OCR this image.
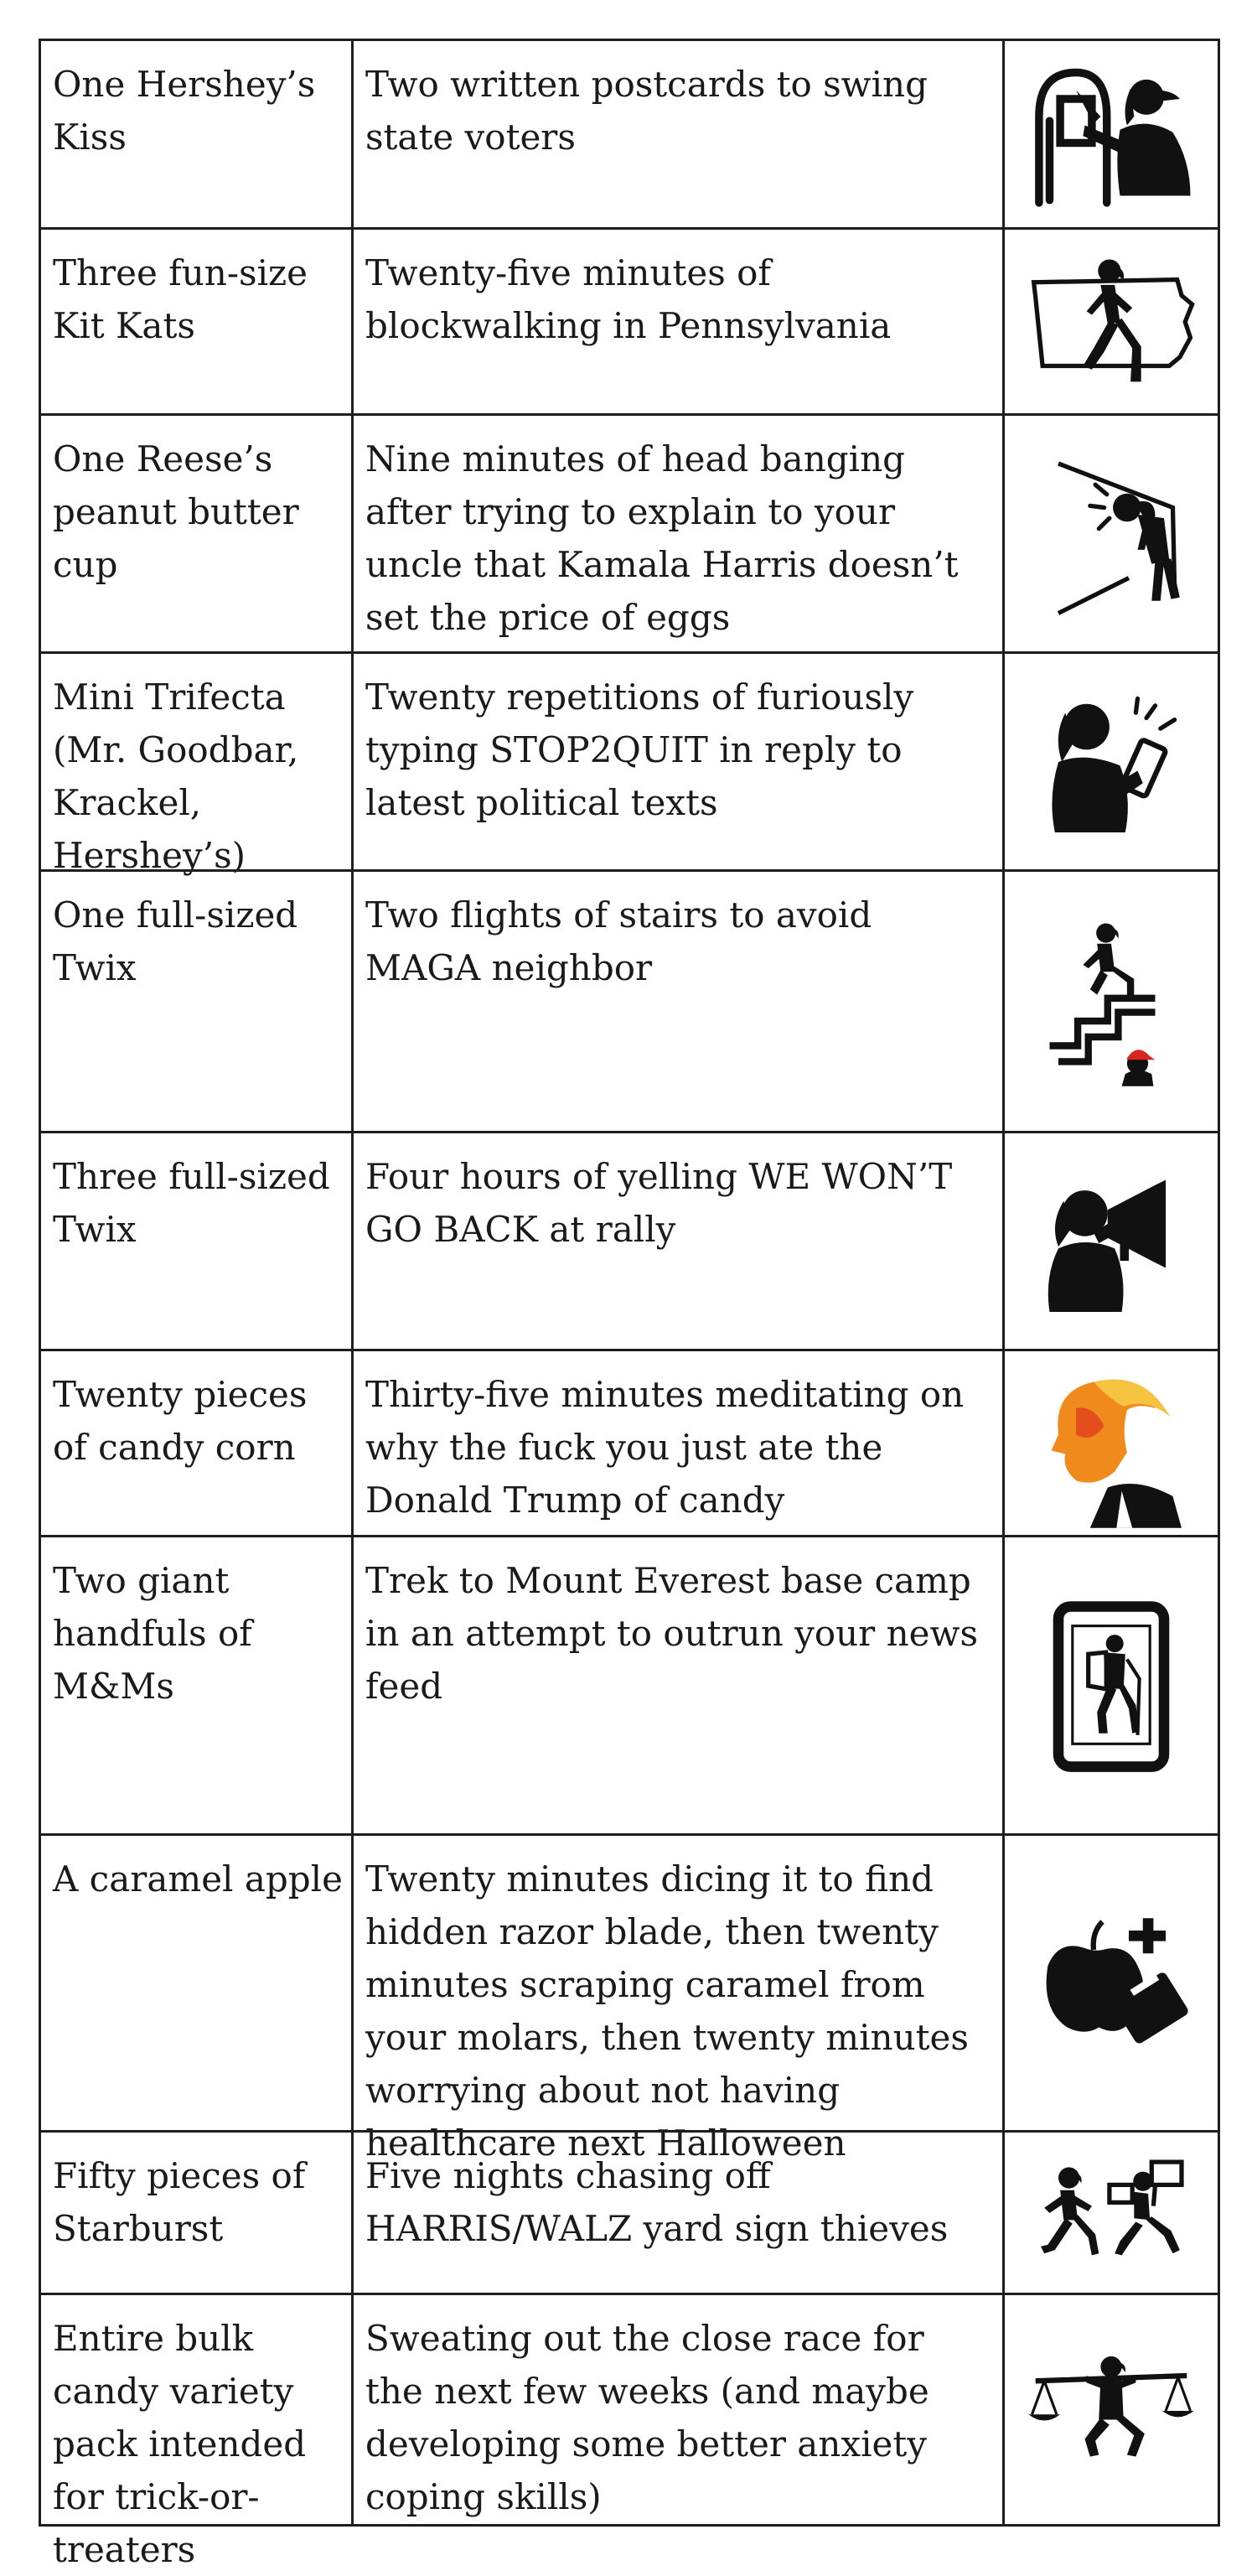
One Hershey’s Kiss
Two written postcards to swing state voters
Three fun-size Kit Kats
Twenty-five minutes of blockwalking in Pennsylvania
One Reese’s peanut butter cup
Nine minutes of head banging after trying to explain to your uncle that Kamala Harris doesn’t set the price of eggs
Mini Trifecta (Mr. Goodbar, Krackel, Hershey’s)
Twenty repetitions of furiously typing STOP2QUIT in reply to latest political texts
One full-sized Twix
Two flights of stairs to avoid MAGA neighbor
Three full-sized Twix
Four hours of yelling WE WON’T GO BACK at rally
Twenty pieces of candy corn
Thirty-five minutes meditating on why the fuck you just ate the Donald Trump of candy
Two giant handfuls of M&Ms
Trek to Mount Everest base camp in an attempt to outrun your news feed
A caramel apple Twenty minutes dicing it to find hidden razor blade, then twenty minutes scraping caramel from your molars, then twenty minutes worrying about not having healthcare next Halloween
Fifty pieces of Starburst
Five nights chasing off HARRIS/WALZ yard sign thieves
Entire bulk candy variety pack intended for trick-or-treaters
Sweating out the close race for the next few weeks (and maybe developing some better anxiety coping skills)
